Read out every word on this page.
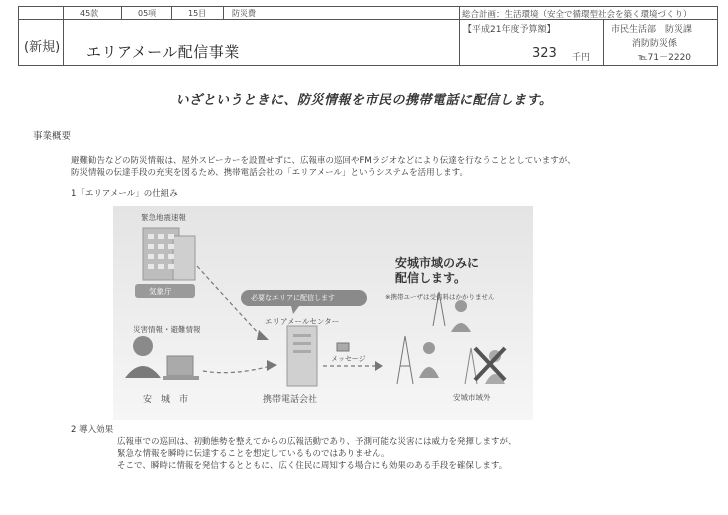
45款	05項	15目	防災費	総合計画：生活環境（安全で循環型社会を築く環境づくり）
(新規) エリアメール配信事業
【平成21年度予算額】
323 千円
市民生活部　防災課
消防防災係
℡71－2220
いざというときに、防災情報を市民の携帯電話に配信します。
事業概要
避難勧告などの防災情報は、屋外スピーカーを設置せずに、広報車の巡回やFMラジオなどにより伝達を行なうこととしていますが、
防災情報の伝達手段の充実を図るため、携帯電話会社の「エリアメール」というシステムを活用します。
1「エリアメール」の仕組み
緊急地震速報
気象庁
災害情報・避難情報
安　城　市
必要なエリアに配信します
エリアメールセンター
メッセージ
携帯電話会社
安城市域のみに
配信します。
※携帯ユーザは受信料はかかりません
安城市域外
2 導入効果
広報車での巡回は、初動態勢を整えてからの広報活動であり、予測可能な災害には威力を発揮しますが、
緊急な情報を瞬時に伝達することを想定しているものではありません。
そこで、瞬時に情報を発信するとともに、広く住民に周知する場合にも効果のある手段を確保します。
